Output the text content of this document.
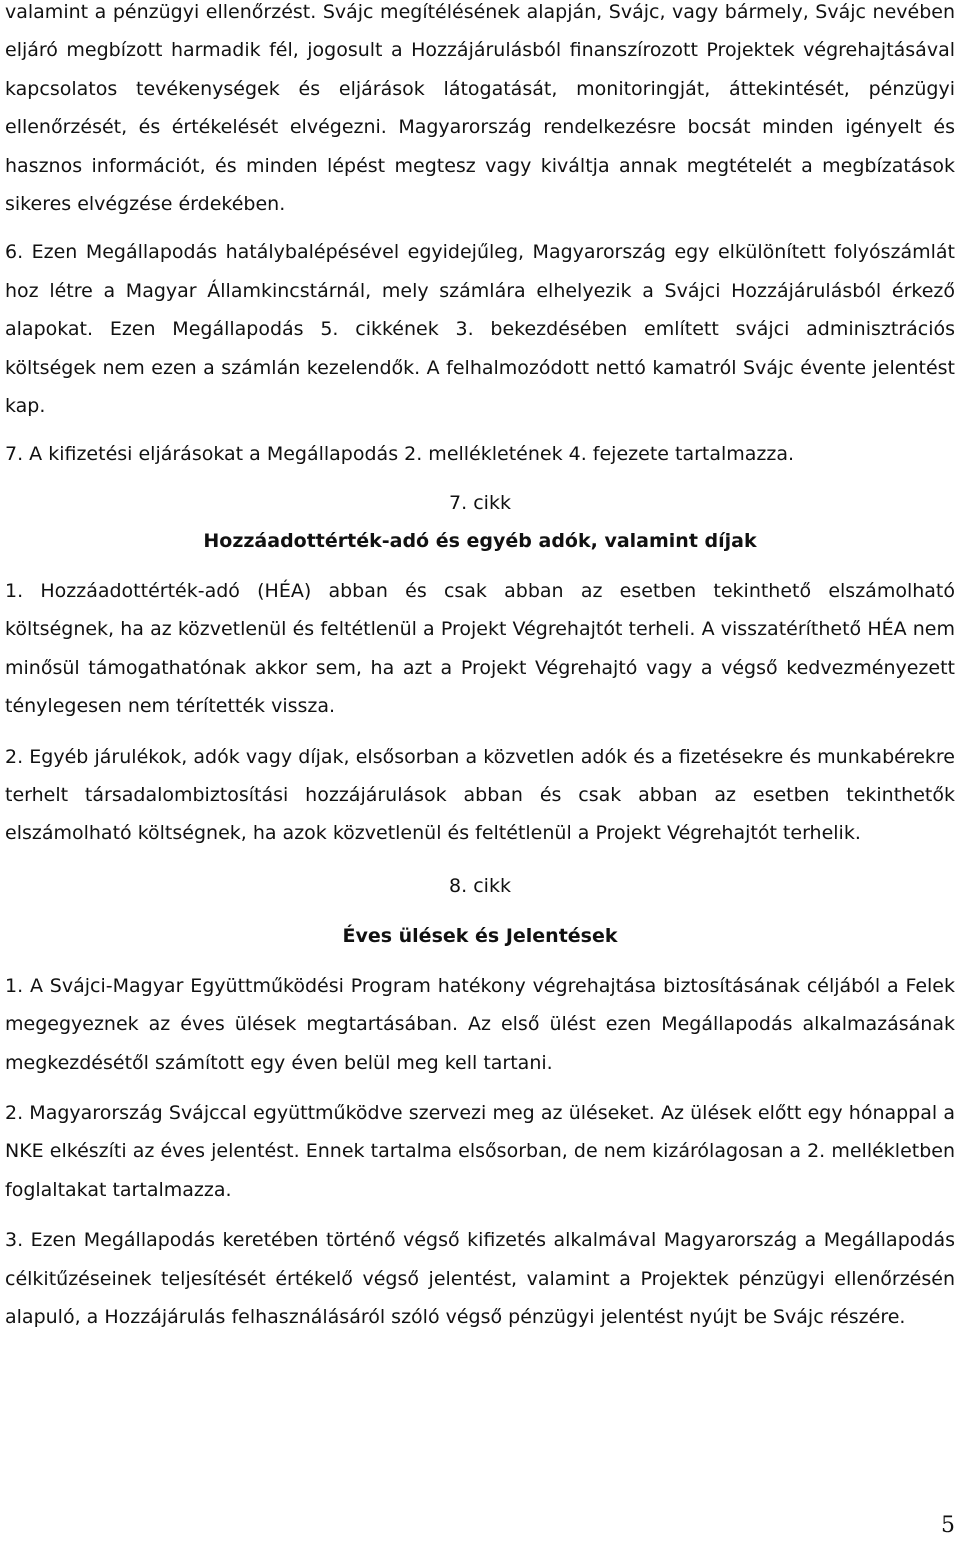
valamint a pénzügyi ellenőrzést. Svájc megítélésének alapján, Svájc, vagy bármely, Svájc nevében eljáró megbízott harmadik fél, jogosult a Hozzájárulásból finanszírozott Projektek végrehajtásával kapcsolatos tevékenységek és eljárások látogatását, monitoringját, áttekintését, pénzügyi ellenőrzését, és értékelését elvégezni. Magyarország rendelkezésre bocsát minden igényelt és hasznos információt, és minden lépést megtesz vagy kiváltja annak megtételét a megbízatások sikeres elvégzése érdekében.

6. Ezen Megállapodás hatálybalépésével egyidejűleg, Magyarország egy elkülönített folyószámlát hoz létre a Magyar Államkincstárnál, mely számlára elhelyezik a Svájci Hozzájárulásból érkező alapokat. Ezen Megállapodás 5. cikkének 3. bekezdésében említett svájci adminisztrációs költségek nem ezen a számlán kezelendők. A felhalmozódott nettó kamatról Svájc évente jelentést kap.

7. A kifizetési eljárásokat a Megállapodás 2. mellékletének 4. fejezete tartalmazza.

7. cikk

Hozzáadottérték-adó és egyéb adók, valamint díjak

1. Hozzáadottérték-adó (HÉA) abban és csak abban az esetben tekinthető elszámolható költségnek, ha az közvetlenül és feltétlenül a Projekt Végrehajtót terheli. A visszatéríthető HÉA nem minősül támogathatónak akkor sem, ha azt a Projekt Végrehajtó vagy a végső kedvezményezett ténylegesen nem térítették vissza.

2. Egyéb járulékok, adók vagy díjak, elsősorban a közvetlen adók és a fizetésekre és munkabérekre terhelt társadalombiztosítási hozzájárulások abban és csak abban az esetben tekinthetők elszámolható költségnek, ha azok közvetlenül és feltétlenül a Projekt Végrehajtót terhelik.

8. cikk

Éves ülések és Jelentések

1. A Svájci-Magyar Együttműködési Program hatékony végrehajtása biztosításának céljából a Felek megegyeznek az éves ülések megtartásában. Az első ülést ezen Megállapodás alkalmazásának megkezdésétől számított egy éven belül meg kell tartani.

2. Magyarország Svájccal együttműködve szervezi meg az üléseket. Az ülések előtt egy hónappal a NKE elkészíti az éves jelentést. Ennek tartalma elsősorban, de nem kizárólagosan a 2. mellékletben foglaltakat tartalmazza.

3. Ezen Megállapodás keretében történő végső kifizetés alkalmával Magyarország a Megállapodás célkitűzéseinek teljesítését értékelő végső jelentést, valamint a Projektek pénzügyi ellenőrzésén alapuló, a Hozzájárulás felhasználásáról szóló végső pénzügyi jelentést nyújt be Svájc részére.

5
